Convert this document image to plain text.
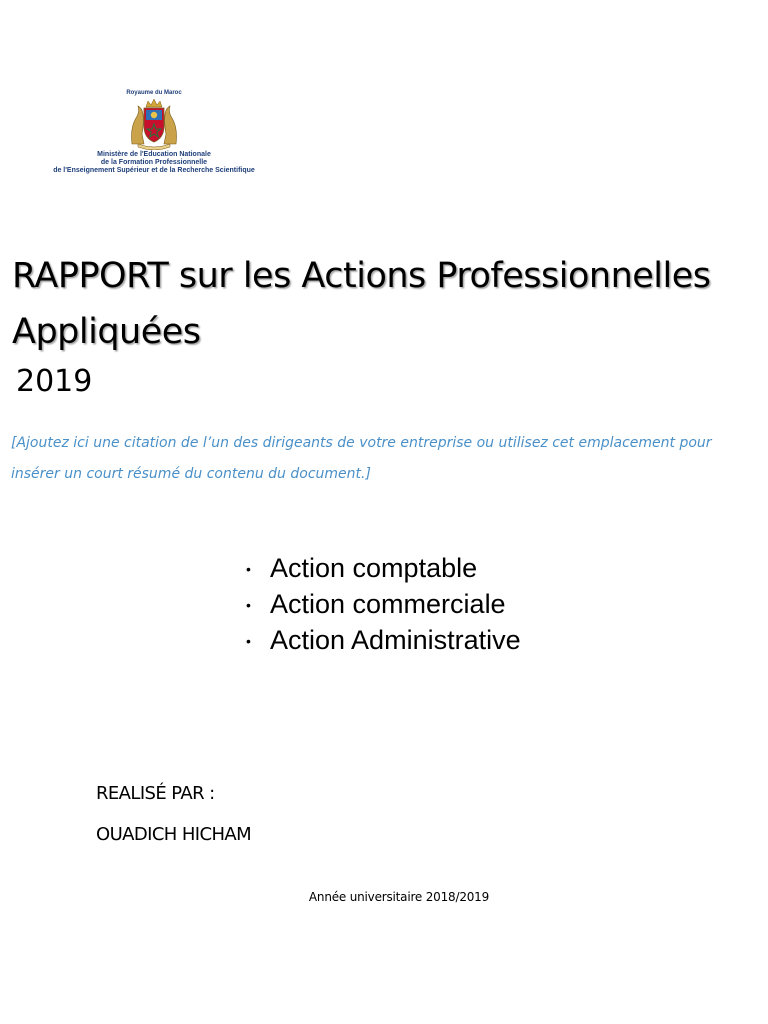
Royaume du Maroc
Ministère de l'Education Nationale
de la Formation Professionnelle
de l'Enseignement Supérieur et de la Recherche Scientifique
RAPPORT sur les Actions Professionnelles
Appliquées
2019
[Ajoutez ici une citation de l’un des dirigeants de votre entreprise ou utilisez cet emplacement pour insérer un court résumé du contenu du document.]
• Action comptable
• Action commerciale
• Action Administrative
REALISÉ PAR :
OUADICH HICHAM
Année universitaire 2018/2019
